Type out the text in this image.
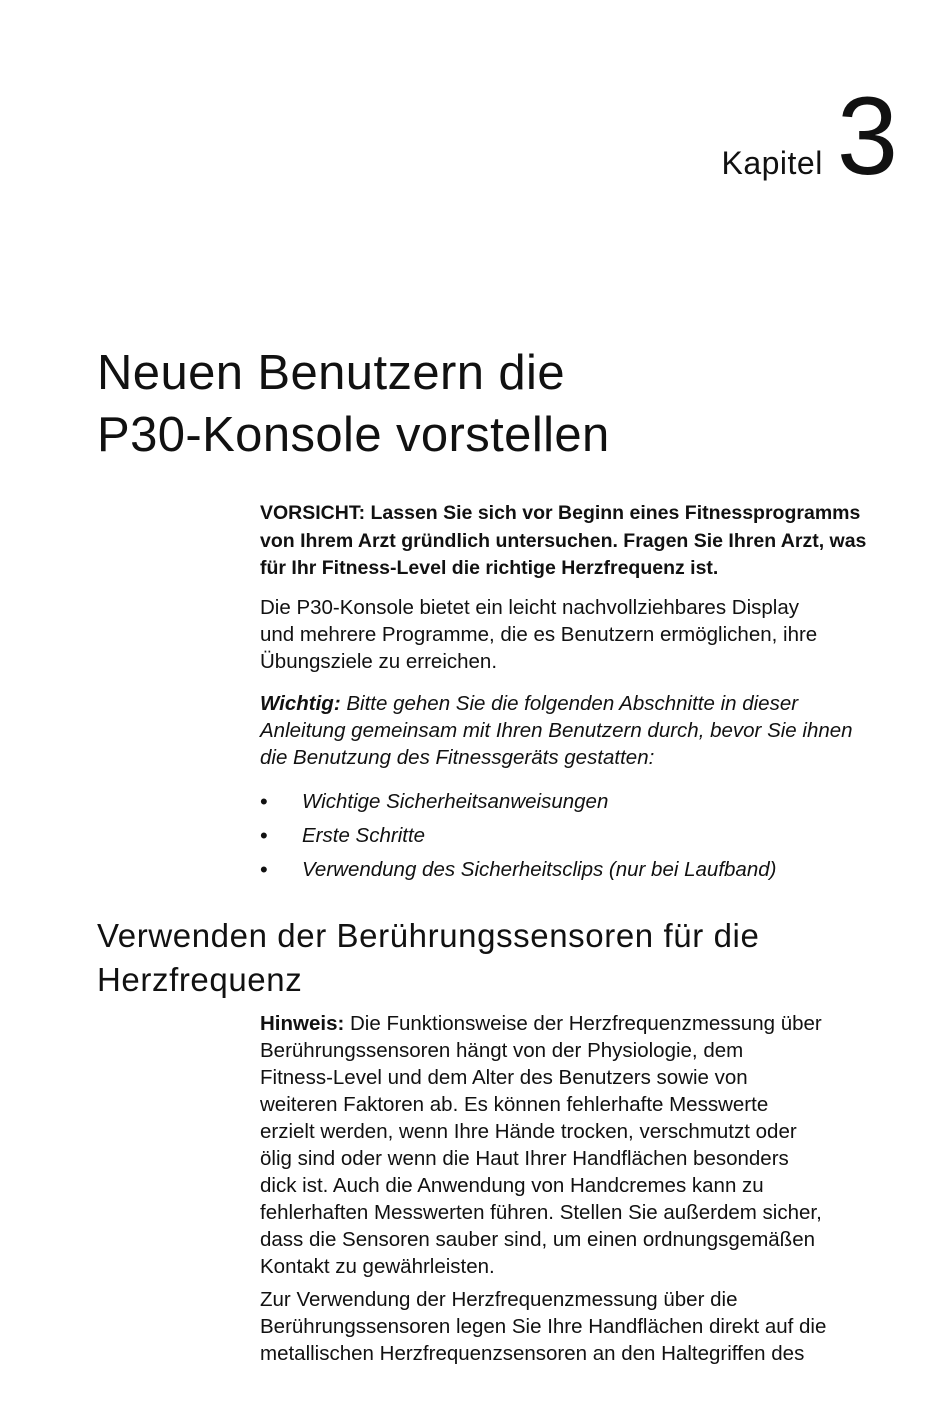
Kapitel 3
Neuen Benutzern die
P30-Konsole vorstellen
VORSICHT: Lassen Sie sich vor Beginn eines Fitnessprogramms
von Ihrem Arzt gründlich untersuchen. Fragen Sie Ihren Arzt, was
für Ihr Fitness-Level die richtige Herzfrequenz ist.
Die P30-Konsole bietet ein leicht nachvollziehbares Display
und mehrere Programme, die es Benutzern ermöglichen, ihre
Übungsziele zu erreichen.
Wichtig: Bitte gehen Sie die folgenden Abschnitte in dieser
Anleitung gemeinsam mit Ihren Benutzern durch, bevor Sie ihnen
die Benutzung des Fitnessgeräts gestatten:
• Wichtige Sicherheitsanweisungen
• Erste Schritte
• Verwendung des Sicherheitsclips (nur bei Laufband)
Verwenden der Berührungssensoren für die
Herzfrequenz
Hinweis: Die Funktionsweise der Herzfrequenzmessung über
Berührungssensoren hängt von der Physiologie, dem
Fitness-Level und dem Alter des Benutzers sowie von
weiteren Faktoren ab. Es können fehlerhafte Messwerte
erzielt werden, wenn Ihre Hände trocken, verschmutzt oder
ölig sind oder wenn die Haut Ihrer Handflächen besonders
dick ist. Auch die Anwendung von Handcremes kann zu
fehlerhaften Messwerten führen. Stellen Sie außerdem sicher,
dass die Sensoren sauber sind, um einen ordnungsgemäßen
Kontakt zu gewährleisten.
Zur Verwendung der Herzfrequenzmessung über die
Berührungssensoren legen Sie Ihre Handflächen direkt auf die
metallischen Herzfrequenzsensoren an den Haltegriffen des
